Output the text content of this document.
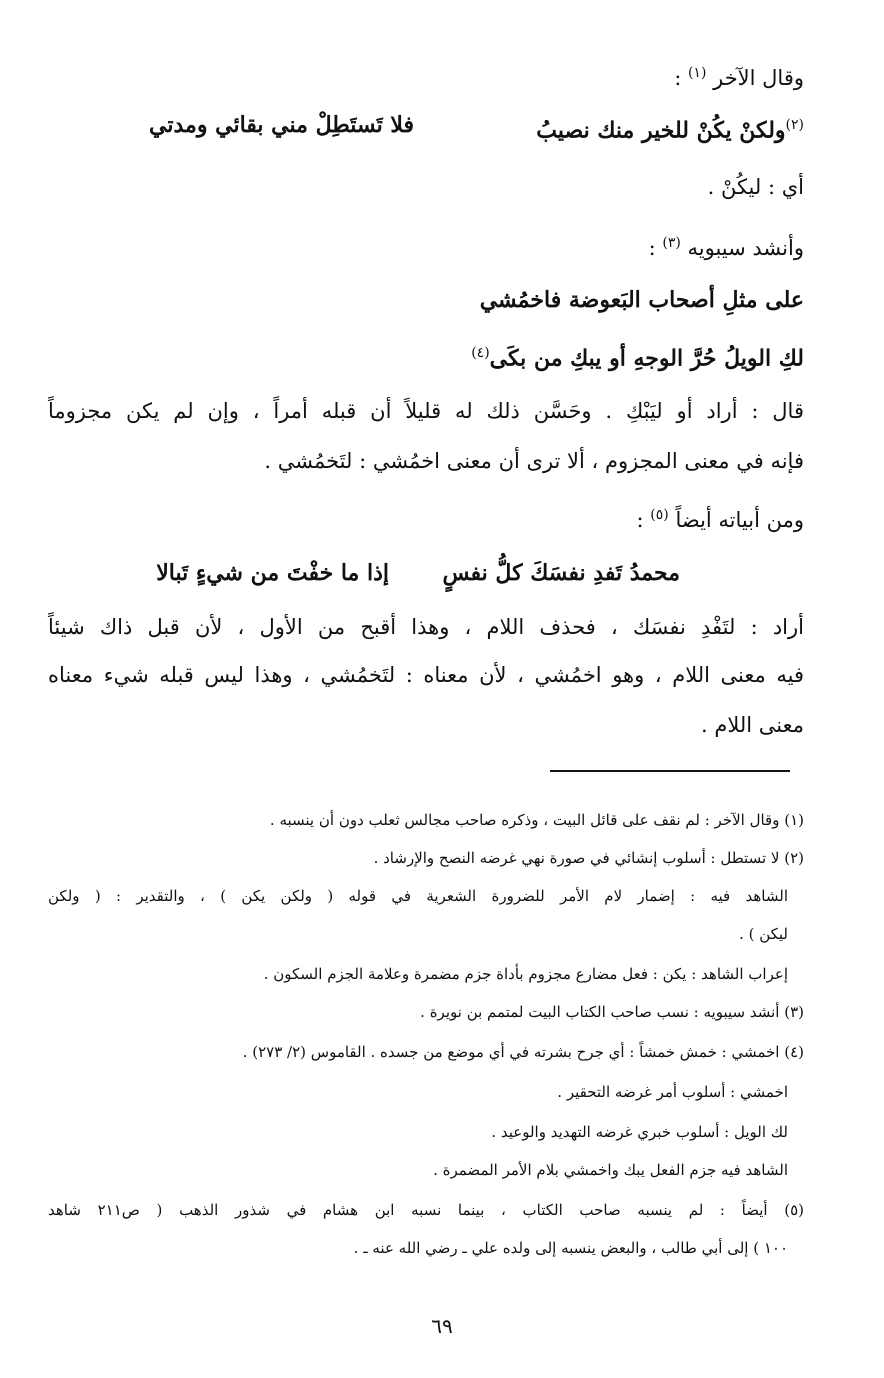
وقال الآخر $^{(١)}$ :
$^{(٢)}$ولكنْ يكُنْ للخير منك نصيبُ
فلا تَستَطِلْ مني بقائي ومدتي
أي : ليكُنْ .
وأنشد سيبويه $^{(٣)}$ :
على مثلِ أصحاب البَعوضة فاخمُشي
لكِ الويلُ حُرَّ الوجهِ أو يبكِ من بكَى$^{(٤)}$
قال : أراد أو ليَبْكِ . وحَسَّن ذلك له قليلاً أن قبله أمراً ، وإن لم يكن مجزوماً
فإنه في معنى المجزوم ، ألا ترى أن معنى اخمُشي : لتَخمُشي .
ومن أبياته أيضاً $^{(٥)}$ :
محمدُ تَفدِ نفسَكَ كلُّ نفسٍ
إذا ما خفْتَ من شيءٍ تَبالا
أراد : لتَفْدِ نفسَك ، فحذف اللام ، وهذا أقبح من الأول ، لأن قبل ذاك شيئاً
فيه معنى اللام ، وهو اخمُشي ، لأن معناه : لتَخمُشي ، وهذا ليس قبله شيء معناه
معنى اللام .
(١) وقال الآخر : لم نقف على قائل البيت ، وذكره صاحب مجالس ثعلب دون أن ينسبه .
(٢) لا تستطل : أسلوب إنشائي في صورة نهي غرضه النصح والإرشاد .
الشاهد فيه : إضمار لام الأمر للضرورة الشعرية في قوله ( ولكن يكن ) ، والتقدير : ( ولكن
ليكن ) .
إعراب الشاهد : يكن : فعل مضارع مجزوم بأداة جزم مضمرة وعلامة الجزم السكون .
(٣) أنشد سيبويه : نسب صاحب الكتاب البيت لمتمم بن نويرة .
(٤) اخمشي : خمش خمشاً : أي جرح بشرته في أي موضع من جسده . القاموس (٢/ ٢٧٣) .
اخمشي : أسلوب أمر غرضه التحقير .
لك الويل : أسلوب خبري غرضه التهديد والوعيد .
الشاهد فيه جزم الفعل يبك واخمشي بلام الأمر المضمرة .
(٥) أيضاً : لم ينسبه صاحب الكتاب ، بينما نسبه ابن هشام في شذور الذهب ( ص٢١١ شاهد
١٠٠ ) إلى أبي طالب ، والبعض ينسبه إلى ولده علي ـ رضي الله عنه ـ .
٦٩
